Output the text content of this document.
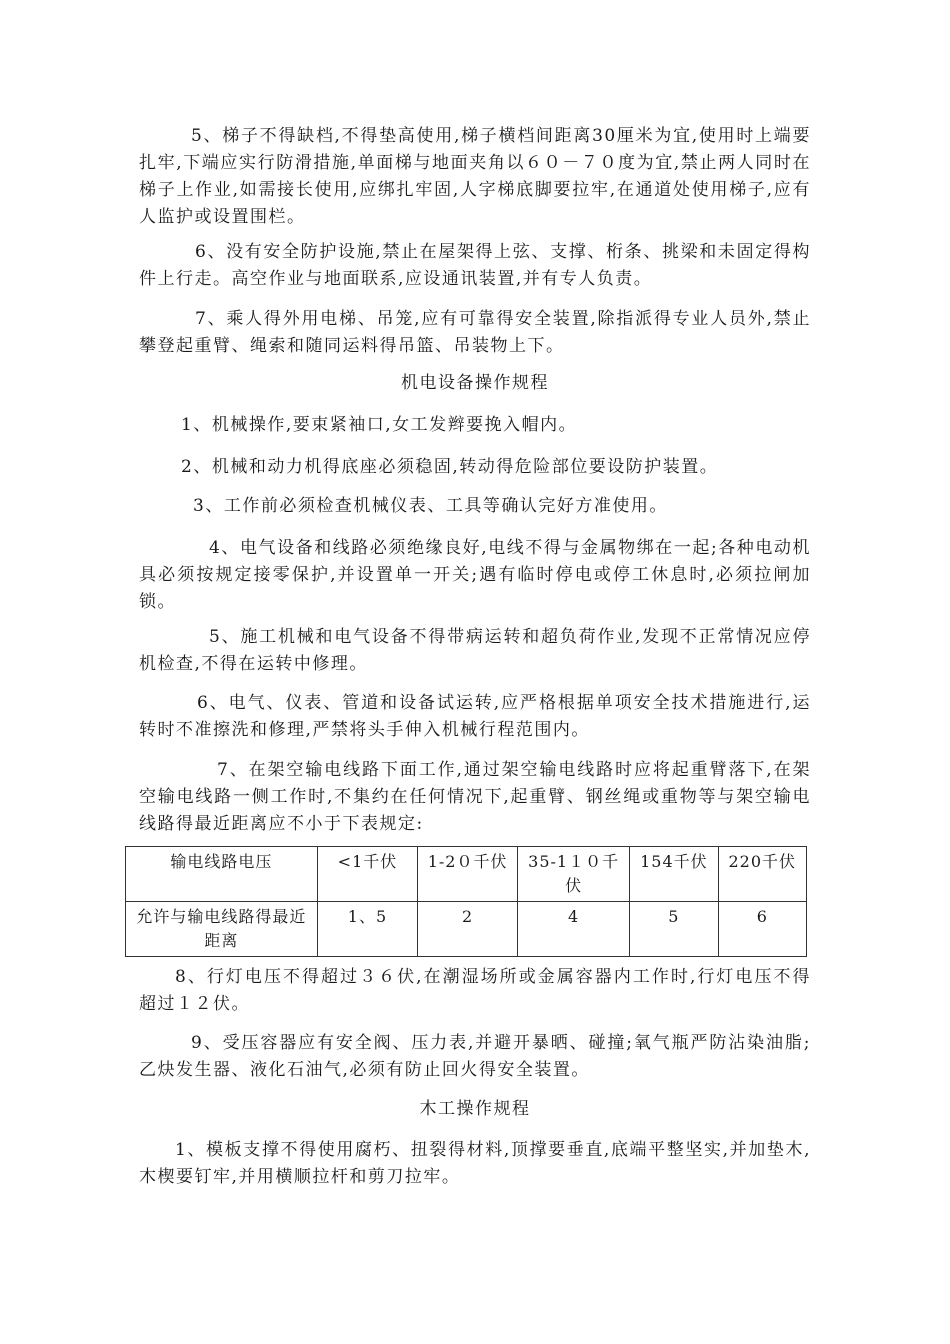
5、梯子不得缺档,不得垫高使用,梯子横档间距离30厘米为宜,使用时上端要扎牢,下端应实行防滑措施,单面梯与地面夹角以６０－７０度为宜,禁止两人同时在梯子上作业,如需接长使用,应绑扎牢固,人字梯底脚要拉牢,在通道处使用梯子,应有人监护或设置围栏。

6、没有安全防护设施,禁止在屋架得上弦、支撑、桁条、挑梁和未固定得构件上行走。高空作业与地面联系,应设通讯装置,并有专人负责。

7、乘人得外用电梯、吊笼,应有可靠得安全装置,除指派得专业人员外,禁止攀登起重臂、绳索和随同运料得吊篮、吊装物上下。

机电设备操作规程

1、机械操作,要束紧袖口,女工发辫要挽入帽内。

2、机械和动力机得底座必须稳固,转动得危险部位要设防护装置。

3、工作前必须检查机械仪表、工具等确认完好方准使用。

4、电气设备和线路必须绝缘良好,电线不得与金属物绑在一起;各种电动机具必须按规定接零保护,并设置单一开关;遇有临时停电或停工休息时,必须拉闸加锁。

5、施工机械和电气设备不得带病运转和超负荷作业,发现不正常情况应停机检查,不得在运转中修理。

6、电气、仪表、管道和设备试运转,应严格根据单项安全技术措施进行,运转时不准擦洗和修理,严禁将头手伸入机械行程范围内。

7、在架空输电线路下面工作,通过架空输电线路时应将起重臂落下,在架空输电线路一侧工作时,不集约在任何情况下,起重臂、钢丝绳或重物等与架空输电线路得最近距离应不小于下表规定:

输电线路电压	<1千伏	1-2０千伏	35-1１０千伏	154千伏	220千伏
允许与输电线路得最近距离	1、5	2	4	5	6

8、行灯电压不得超过３６伏,在潮湿场所或金属容器内工作时,行灯电压不得超过１２伏。

9、受压容器应有安全阀、压力表,并避开暴晒、碰撞;氧气瓶严防沾染油脂;乙炔发生器、液化石油气,必须有防止回火得安全装置。

木工操作规程

1、模板支撑不得使用腐朽、扭裂得材料,顶撑要垂直,底端平整坚实,并加垫木,木楔要钉牢,并用横顺拉杆和剪刀拉牢。
